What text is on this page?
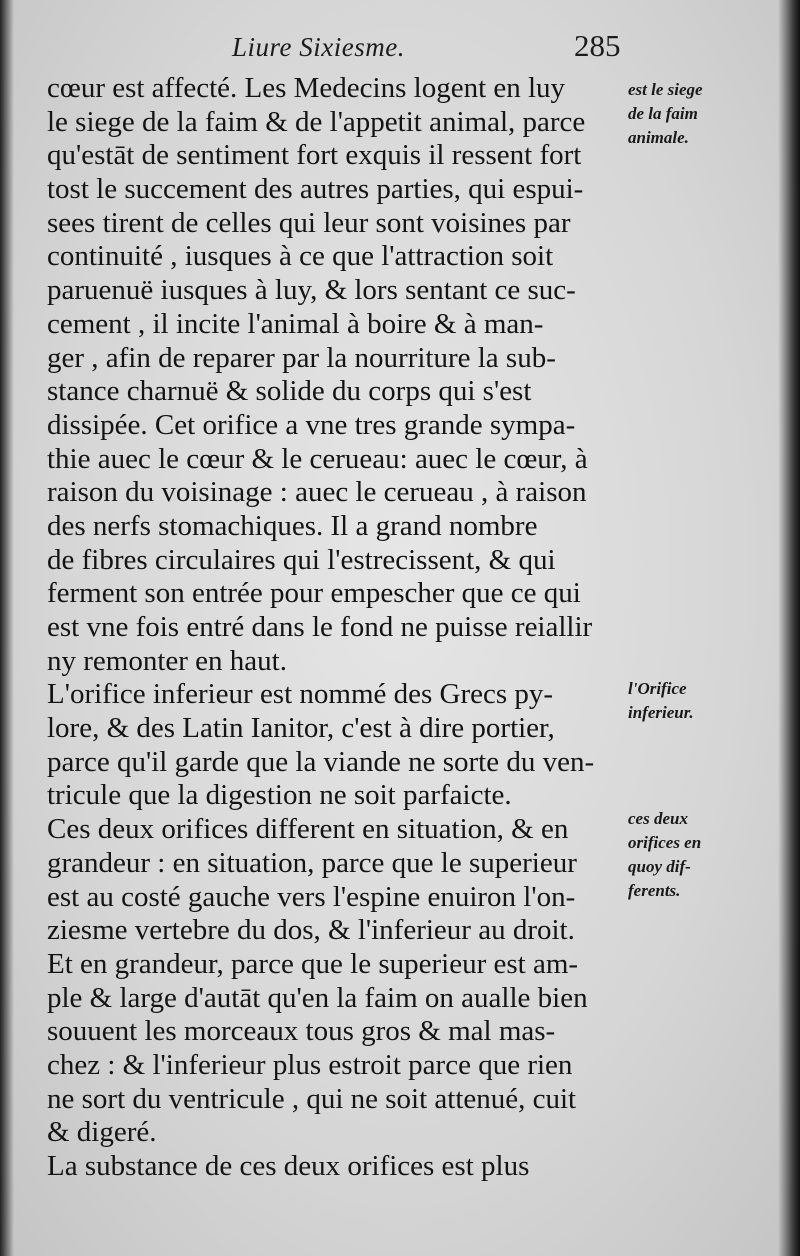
Liure Sixiesme.	285
cœur est affecté. Les Medecins logent en luy
le siege de la faim & de l'appetit animal, parce
qu'estāt de sentiment fort exquis il ressent fort
tost le succement des autres parties, qui espui-
sees tirent de celles qui leur sont voisines par
continuité , iusques à ce que l'attraction soit
paruenuë iusques à luy, & lors sentant ce suc-
cement , il incite l'animal à boire & à man-
ger , afin de reparer par la nourriture la sub-
stance charnuë & solide du corps qui s'est
dissipée. Cet orifice a vne tres grande sympa-
thie auec le cœur & le cerueau: auec le cœur, à
raison du voisinage : auec le cerueau , à raison
des nerfs stomachiques. Il a grand nombre
de fibres circulaires qui l'estrecissent, & qui
ferment son entrée pour empescher que ce qui
est vne fois entré dans le fond ne puisse reiallir
ny remonter en haut.
L'orifice inferieur est nommé des Grecs py-
lore, & des Latin Ianitor, c'est à dire portier,
parce qu'il garde que la viande ne sorte du ven-
tricule que la digestion ne soit parfaicte.
Ces deux orifices different en situation, & en
grandeur : en situation, parce que le superieur
est au costé gauche vers l'espine enuiron l'on-
ziesme vertebre du dos, & l'inferieur au droit.
Et en grandeur, parce que le superieur est am-
ple & large d'autāt qu'en la faim on aualle bien
souuent les morceaux tous gros & mal mas-
chez : & l'inferieur plus estroit parce que rien
ne sort du ventricule , qui ne soit attenué, cuit
& digeré.
La substance de ces deux orifices est plus
est le siege
de la faim
animale.
l'Orifice
inferieur.
ces deux
orifices en
quoy dif-
ferents.
